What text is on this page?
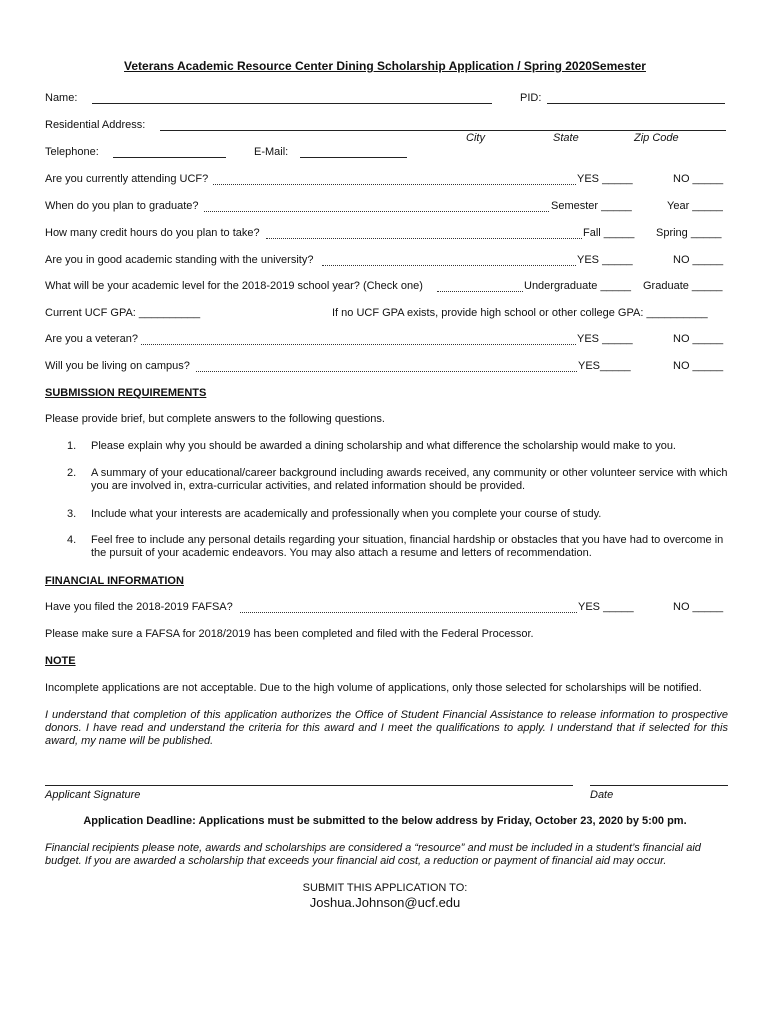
Veterans Academic Resource Center Dining Scholarship Application / Spring 2020Semester
Name:	PID:
Residential Address:
City	State	Zip Code
Telephone:	E-Mail:
Are you currently attending UCF?	YES _____	NO _____
When do you plan to graduate?	Semester _____	Year _____
How many credit hours do you plan to take?	Fall _____ Spring _____
Are you in good academic standing with the university?	YES _____	NO _____
What will be your academic level for the 2018-2019 school year? (Check one)	Undergraduate _____ Graduate _____
Current UCF GPA: __________	If no UCF GPA exists, provide high school or other college GPA: __________
Are you a veteran?	YES _____	NO _____
Will you be living on campus?	YES_____	NO _____
SUBMISSION REQUIREMENTS
Please provide brief, but complete answers to the following questions.
1. Please explain why you should be awarded a dining scholarship and what difference the scholarship would make to you.
2. A summary of your educational/career background including awards received, any community or other volunteer service with which you are involved in, extra-curricular activities, and related information should be provided.
3. Include what your interests are academically and professionally when you complete your course of study.
4. Feel free to include any personal details regarding your situation, financial hardship or obstacles that you have had to overcome in the pursuit of your academic endeavors. You may also attach a resume and letters of recommendation.
FINANCIAL INFORMATION
Have you filed the 2018-2019 FAFSA?	YES _____	NO _____
Please make sure a FAFSA for 2018/2019 has been completed and filed with the Federal Processor.
NOTE
Incomplete applications are not acceptable. Due to the high volume of applications, only those selected for scholarships will be notified.
I understand that completion of this application authorizes the Office of Student Financial Assistance to release information to prospective donors. I have read and understand the criteria for this award and I meet the qualifications to apply. I understand that if selected for this award, my name will be published.
Applicant Signature	Date
Application Deadline: Applications must be submitted to the below address by Friday, October 23, 2020 by 5:00 pm.
Financial recipients please note, awards and scholarships are considered a “resource” and must be included in a student’s financial aid budget. If you are awarded a scholarship that exceeds your financial aid cost, a reduction or payment of financial aid may occur.
SUBMIT THIS APPLICATION TO:
Joshua.Johnson@ucf.edu
